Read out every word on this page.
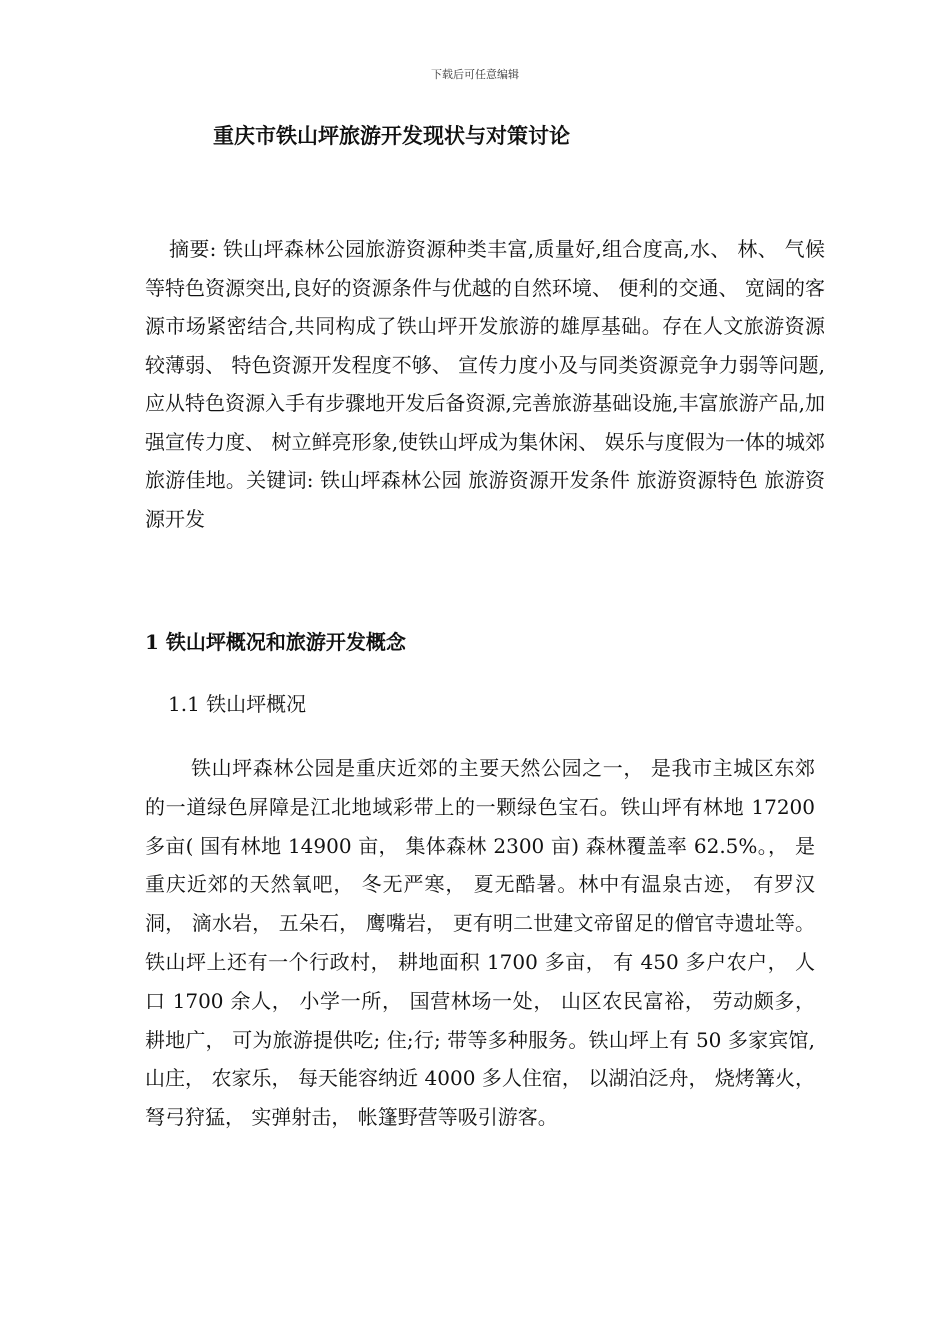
下载后可任意编辑
重庆市铁山坪旅游开发现状与对策讨论

摘要: 铁山坪森林公园旅游资源种类丰富,质量好,组合度高,水、 林、 气候等特色资源突出,良好的资源条件与优越的自然环境、 便利的交通、 宽阔的客源市场紧密结合,共同构成了铁山坪开发旅游的雄厚基础。存在人文旅游资源较薄弱、 特色资源开发程度不够、 宣传力度小及与同类资源竞争力弱等问题,应从特色资源入手有步骤地开发后备资源,完善旅游基础设施,丰富旅游产品,加强宣传力度、 树立鲜亮形象,使铁山坪成为集休闲、 娱乐与度假为一体的城郊旅游佳地。关键词: 铁山坪森林公园 旅游资源开发条件 旅游资源特色 旅游资源开发

1 铁山坪概况和旅游开发概念
1.1 铁山坪概况

铁山坪森林公园是重庆近郊的主要天然公园之一， 是我市主城区东郊的一道绿色屏障是江北地域彩带上的一颗绿色宝石。铁山坪有林地 17200 多亩( 国有林地 14900 亩， 集体森林 2300 亩) 森林覆盖率 62.5%。， 是重庆近郊的天然氧吧， 冬无严寒， 夏无酷暑。林中有温泉古迹， 有罗汉洞， 滴水岩， 五朵石， 鹰嘴岩， 更有明二世建文帝留足的僧官寺遗址等。铁山坪上还有一个行政村， 耕地面积 1700 多亩， 有 450 多户农户， 人口 1700 余人， 小学一所， 国营林场一处， 山区农民富裕， 劳动颇多， 耕地广， 可为旅游提供吃; 住;行; 带等多种服务。铁山坪上有 50 多家宾馆, 山庄， 农家乐， 每天能容纳近 4000 多人住宿， 以湖泊泛舟， 烧烤篝火， 弩弓狩猛， 实弹射击， 帐篷野营等吸引游客。
